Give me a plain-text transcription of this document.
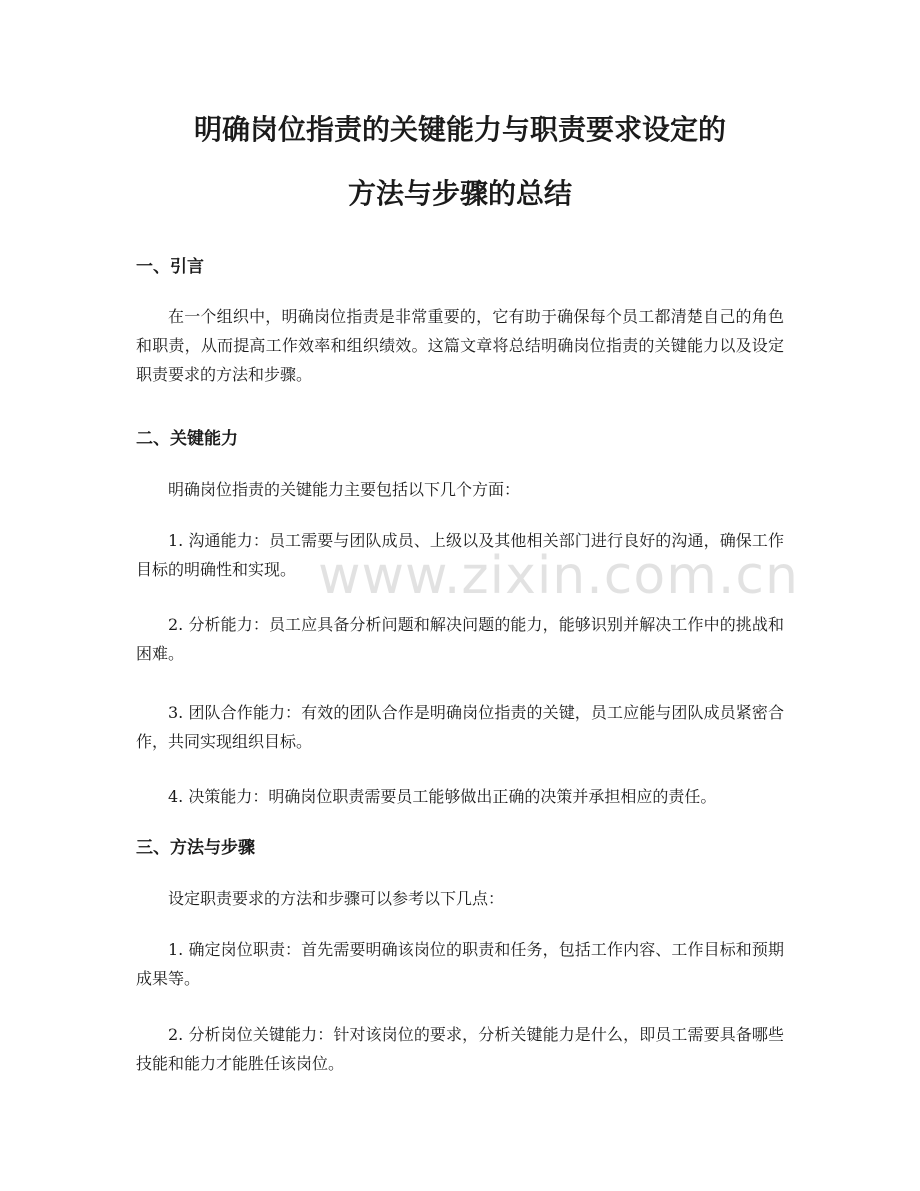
明确岗位指责的关键能力与职责要求设定的
方法与步骤的总结
一、引言

在一个组织中，明确岗位指责是非常重要的，它有助于确保每个员工都清楚自己的角色和职责，从而提高工作效率和组织绩效。这篇文章将总结明确岗位指责的关键能力以及设定职责要求的方法和步骤。

二、关键能力

明确岗位指责的关键能力主要包括以下几个方面：

1. 沟通能力：员工需要与团队成员、上级以及其他相关部门进行良好的沟通，确保工作目标的明确性和实现。

2. 分析能力：员工应具备分析问题和解决问题的能力，能够识别并解决工作中的挑战和困难。

3. 团队合作能力：有效的团队合作是明确岗位指责的关键，员工应能与团队成员紧密合作，共同实现组织目标。

4. 决策能力：明确岗位职责需要员工能够做出正确的决策并承担相应的责任。

三、方法与步骤

设定职责要求的方法和步骤可以参考以下几点：

1. 确定岗位职责：首先需要明确该岗位的职责和任务，包括工作内容、工作目标和预期成果等。

2. 分析岗位关键能力：针对该岗位的要求，分析关键能力是什么，即员工需要具备哪些技能和能力才能胜任该岗位。

www.zixin.com.cn
